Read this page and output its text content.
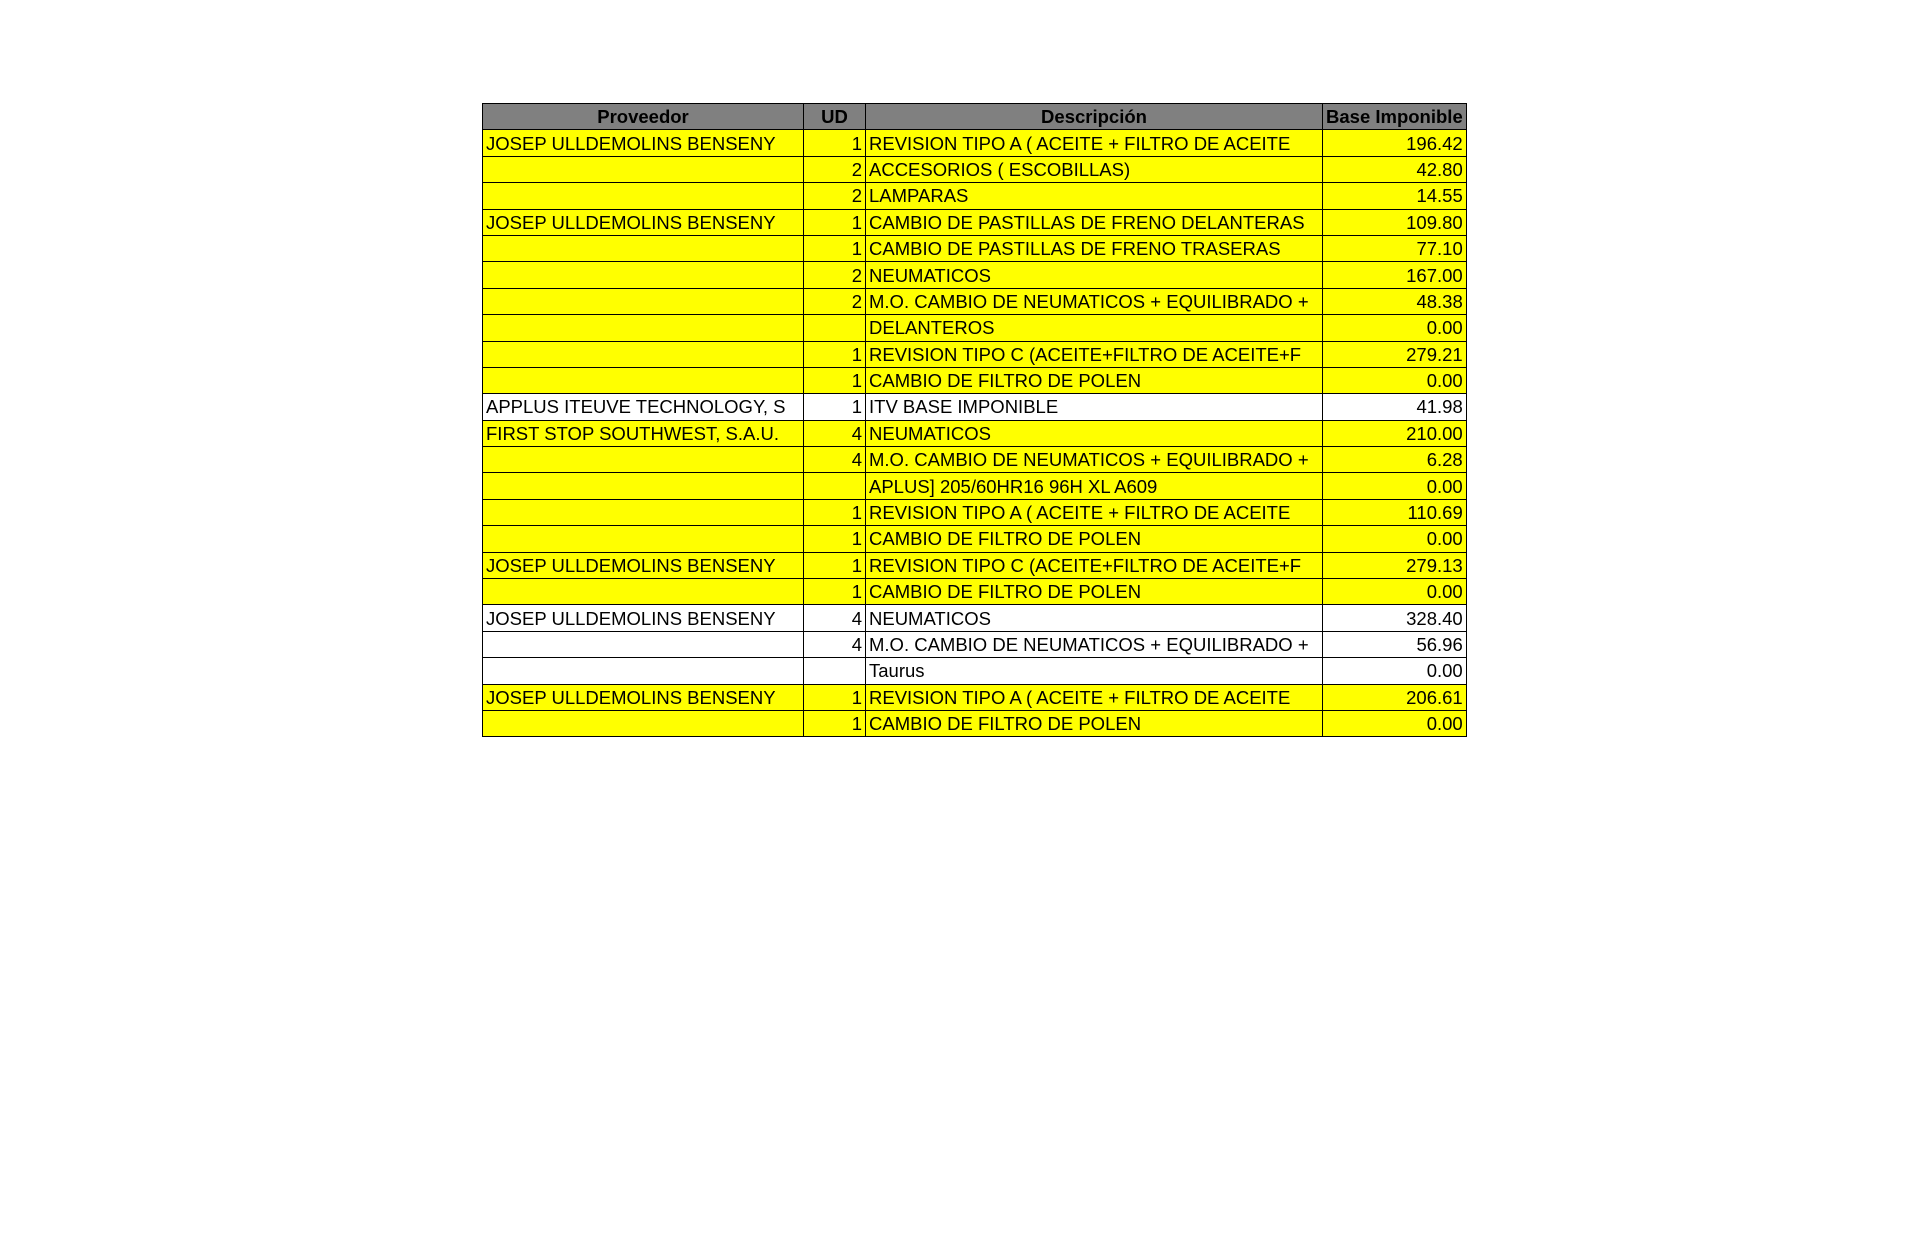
Proveedor	UD	Descripción	Base Imponible
JOSEP ULLDEMOLINS BENSENY	1	REVISION TIPO A ( ACEITE + FILTRO DE ACEITE	196.42
	2	ACCESORIOS ( ESCOBILLAS)	42.80
	2	LAMPARAS	14.55
JOSEP ULLDEMOLINS BENSENY	1	CAMBIO DE PASTILLAS DE FRENO DELANTERAS	109.80
	1	CAMBIO DE PASTILLAS DE FRENO TRASERAS	77.10
	2	NEUMATICOS	167.00
	2	M.O. CAMBIO DE NEUMATICOS + EQUILIBRADO +	48.38
		DELANTEROS	0.00
	1	REVISION TIPO C (ACEITE+FILTRO DE ACEITE+F	279.21
	1	CAMBIO DE FILTRO DE POLEN	0.00
APPLUS ITEUVE TECHNOLOGY, S	1	ITV BASE IMPONIBLE	41.98
FIRST STOP SOUTHWEST, S.A.U.	4	NEUMATICOS	210.00
	4	M.O. CAMBIO DE NEUMATICOS + EQUILIBRADO +	6.28
		APLUS] 205/60HR16 96H XL A609	0.00
	1	REVISION TIPO A ( ACEITE + FILTRO DE ACEITE	110.69
	1	CAMBIO DE FILTRO DE POLEN	0.00
JOSEP ULLDEMOLINS BENSENY	1	REVISION TIPO C (ACEITE+FILTRO DE ACEITE+F	279.13
	1	CAMBIO DE FILTRO DE POLEN	0.00
JOSEP ULLDEMOLINS BENSENY	4	NEUMATICOS	328.40
	4	M.O. CAMBIO DE NEUMATICOS + EQUILIBRADO +	56.96
		Taurus	0.00
JOSEP ULLDEMOLINS BENSENY	1	REVISION TIPO A ( ACEITE + FILTRO DE ACEITE	206.61
	1	CAMBIO DE FILTRO DE POLEN	0.00
